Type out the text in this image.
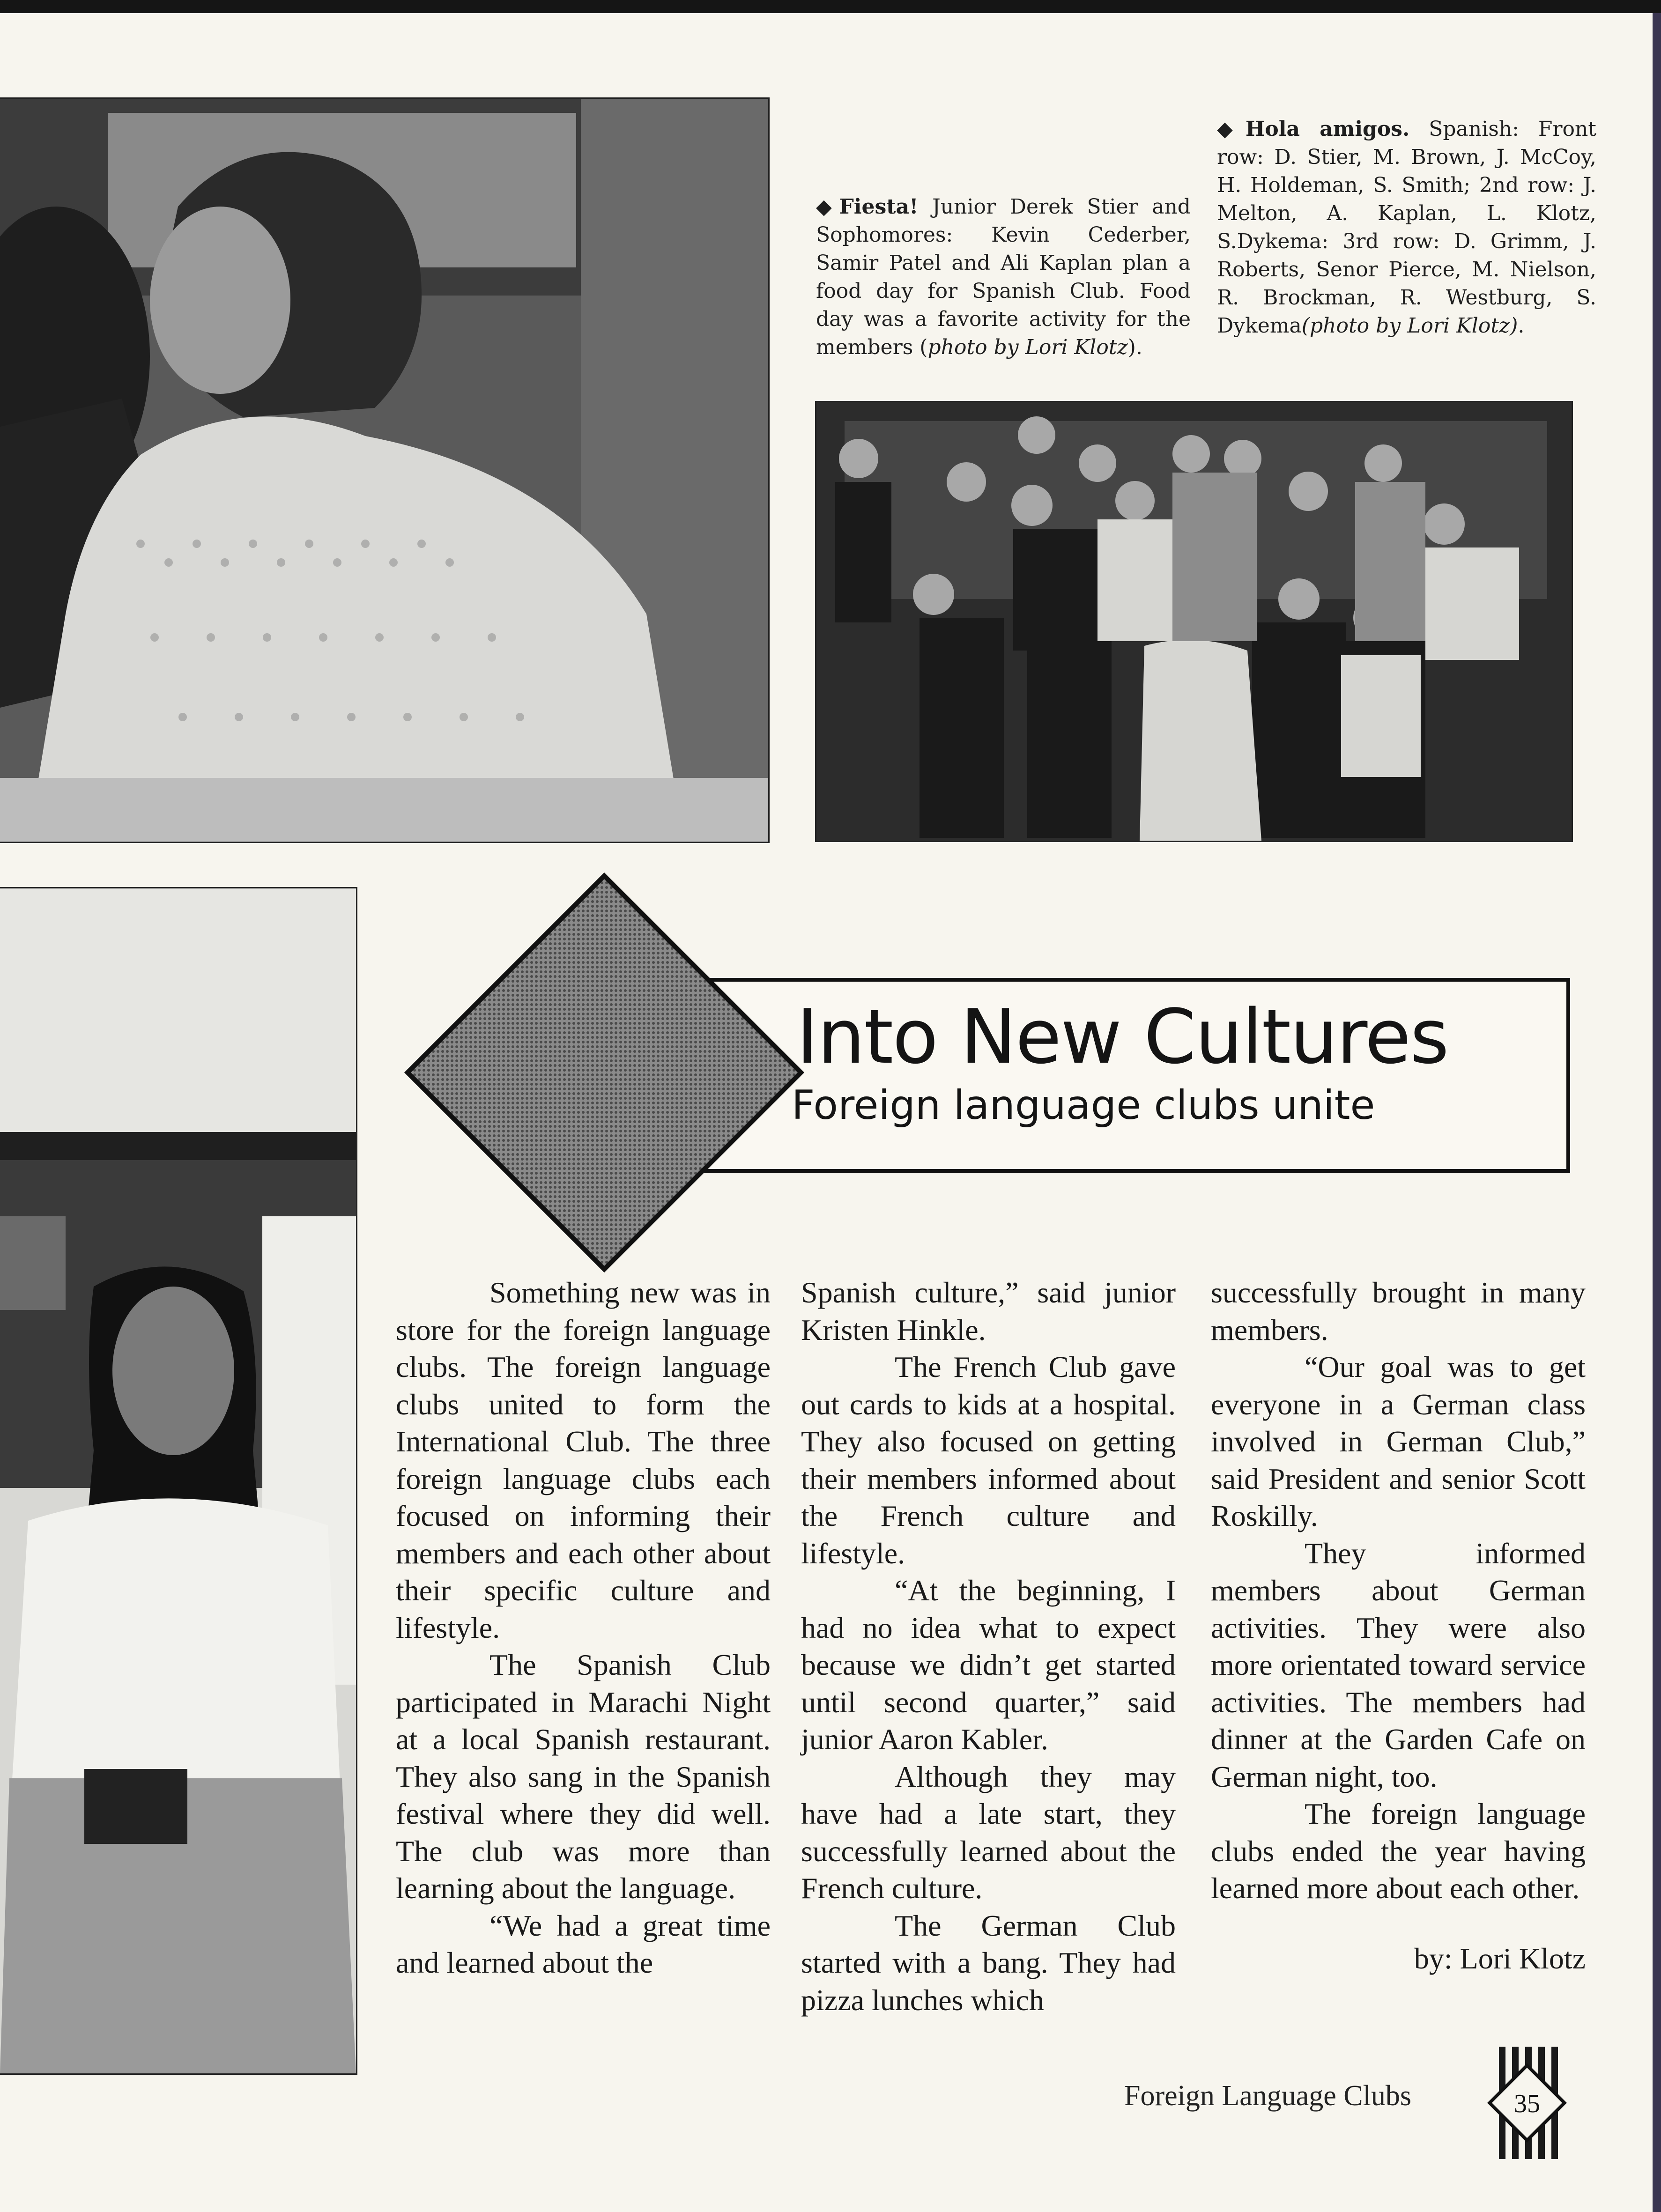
◆Fiesta! Junior Derek Stier and Sophomores: Kevin Cederber, Samir Patel and Ali Kaplan plan a food day for Spanish Club. Food day was a favorite activity for the members (photo by Lori Klotz).
◆Hola amigos. Spanish: Front row: D. Stier, M. Brown, J. McCoy, H. Holdeman, S. Smith; 2nd row: J. Melton, A. Kaplan, L. Klotz, S.Dykema: 3rd row: D. Grimm, J. Roberts, Senor Pierce, M. Nielson, R. Brockman, R. Westburg, S. Dykema(photo by Lori Klotz).
Into New Cultures
Foreign language clubs unite

Something new was in store for the foreign language clubs. The foreign language clubs united to form the International Club. The three foreign language clubs each focused on informing their members and each other about their specific culture and lifestyle.

The Spanish Club participated in Marachi Night at a local Spanish restaurant. They also sang in the Spanish festival where they did well. The club was more than learning about the language.

“We had a great time and learned about the

Spanish culture,” said junior Kristen Hinkle.

The French Club gave out cards to kids at a hospital. They also focused on getting their members informed about the French culture and lifestyle.

“At the beginning, I had no idea what to expect because we didn’t get started until second quarter,” said junior Aaron Kabler.

Although they may have had a late start, they successfully learned about the French culture.

The German Club started with a bang. They had pizza lunches which

successfully brought in many members.

“Our goal was to get everyone in a German class involved in German Club,” said President and senior Scott Roskilly.

They informed members about German activities. They were also more orientated toward service activities. The members had dinner at the Garden Cafe on German night, too.

The foreign language clubs ended the year having learned more about each other.

by: Lori Klotz

Foreign Language Clubs	35
